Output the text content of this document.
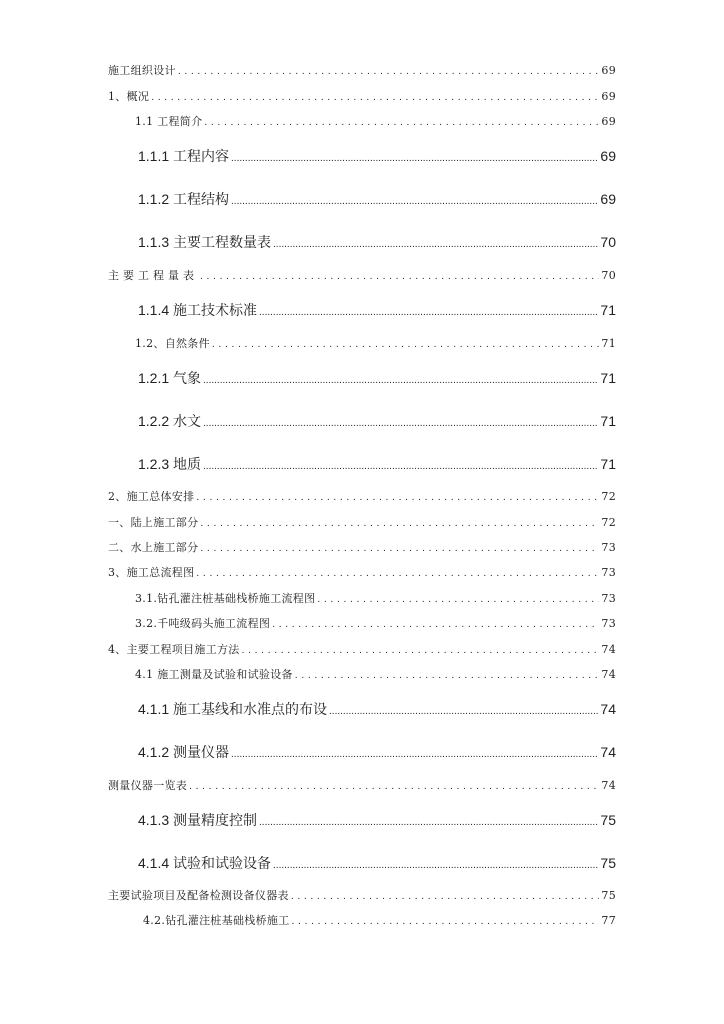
施工组织设计 . . .	69
1、概况 . . .	69
1.1 工程简介 . . .	69
1.1.1 工程内容 .....	69
1.1.2 工程结构 .....	69
1.1.3 主要工程数量表 .....	70
主要工程量表 . . .	70
1.1.4 施工技术标准 .....	71
1.2、自然条件 . . .	71
1.2.1 气象 .....	71
1.2.2 水文 .....	71
1.2.3 地质 .....	71
2、施工总体安排 . . .	72
一、陆上施工部分 . . .	72
二、水上施工部分 . . .	73
3、施工总流程图 . . .	73
3.1.钻孔灌注桩基础栈桥施工流程图 . . .	73
3.2.千吨级码头施工流程图 . . .	73
4、主要工程项目施工方法 . . .	74
4.1 施工测量及试验和试验设备 . . .	74
4.1.1 施工基线和水准点的布设 .....	74
4.1.2 测量仪器 .....	74
测量仪器一览表 . . .	74
4.1.3 测量精度控制 .....	75
4.1.4 试验和试验设备 .....	75
主要试验项目及配备检测设备仪器表 . . .	75
4.2.钻孔灌注桩基础栈桥施工 . . .	77
